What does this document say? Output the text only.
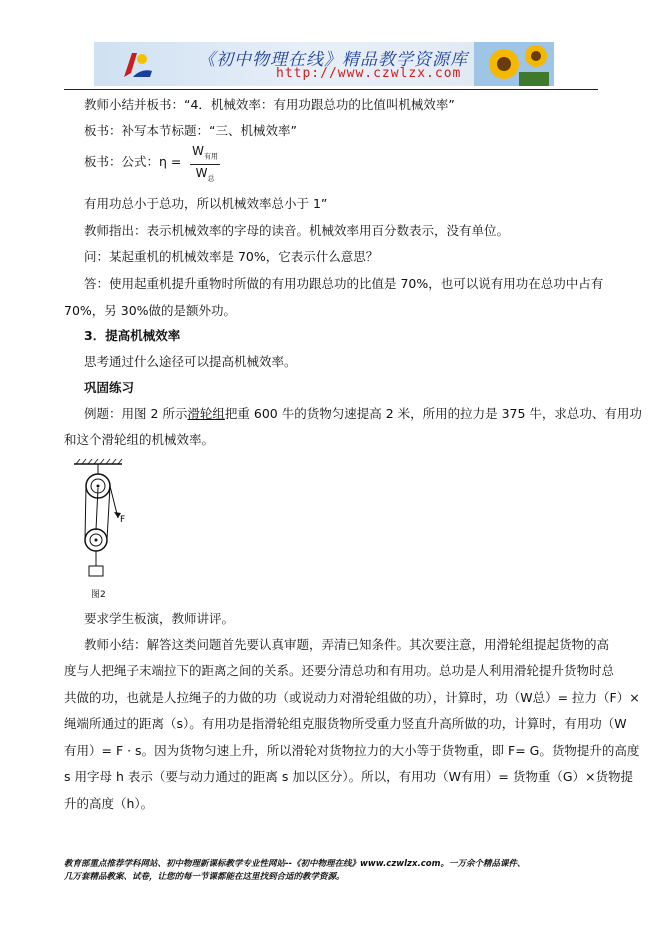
《初中物理在线》精品教学资源库
http://www.czwlzx.com
教师小结并板书：“4．机械效率：有用功跟总功的比值叫机械效率”
板书：补写本节标题：“三、机械效率”
板书：公式：η =
$W_{有用}$
$W_总$
有用功总小于总功，所以机械效率总小于 1”
教师指出：表示机械效率的字母的读音。机械效率用百分数表示，没有单位。
问：某起重机的机械效率是 70%，它表示什么意思？
答：使用起重机提升重物时所做的有用功跟总功的比值是 70%，也可以说有用功在总功中占有
70%，另 30%做的是额外功。
3．提高机械效率
思考通过什么途径可以提高机械效率。
巩固练习
例题：用图 2 所示滑轮组把重 600 牛的货物匀速提高 2 米，所用的拉力是 375 牛，求总功、有用功
和这个滑轮组的机械效率。
F
图2
要求学生板演，教师讲评。
教师小结：解答这类问题首先要认真审题，弄清已知条件。其次要注意，用滑轮组提起货物的高
度与人把绳子末端拉下的距离之间的关系。还要分清总功和有用功。总功是人利用滑轮提升货物时总
共做的功，也就是人拉绳子的力做的功（或说动力对滑轮组做的功），计算时，功（W总）= 拉力（F）×
绳端所通过的距离（s）。有用功是指滑轮组克服货物所受重力竖直升高所做的功，计算时，有用功（W
有用）= F · s。因为货物匀速上升，所以滑轮对货物拉力的大小等于货物重，即 F= G。货物提升的高度
s 用字母 h 表示（要与动力通过的距离 s 加以区分）。所以，有用功（W有用）= 货物重（G）×货物提
升的高度（h）。
教育部重点推荐学科网站、初中物理新课标教学专业性网站--《初中物理在线》www.czwlzx.com。一万余个精品课件、
几万套精品教案、试卷，让您的每一节课都能在这里找到合适的教学资源。
